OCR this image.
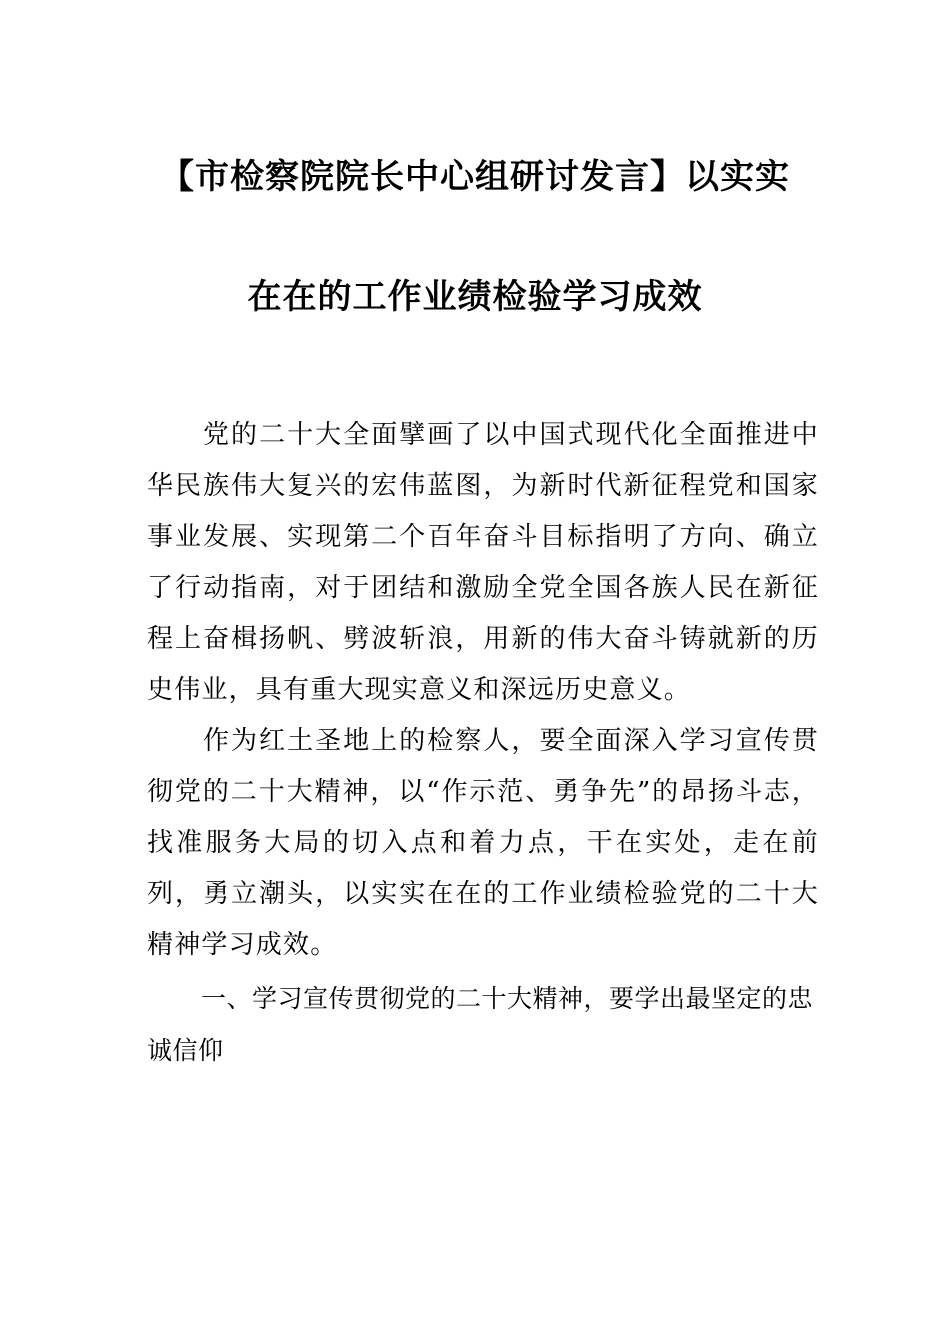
【市检察院院长中心组研讨发言】以实实
在在的工作业绩检验学习成效

党的二十大全面擘画了以中国式现代化全面推进中华民族伟大复兴的宏伟蓝图，为新时代新征程党和国家事业发展、实现第二个百年奋斗目标指明了方向、确立了行动指南，对于团结和激励全党全国各族人民在新征程上奋楫扬帆、劈波斩浪，用新的伟大奋斗铸就新的历史伟业，具有重大现实意义和深远历史意义。

作为红土圣地上的检察人，要全面深入学习宣传贯彻党的二十大精神，以“作示范、勇争先”的昂扬斗志，找准服务大局的切入点和着力点，干在实处，走在前列，勇立潮头，以实实在在的工作业绩检验党的二十大精神学习成效。

一、学习宣传贯彻党的二十大精神，要学出最坚定的忠诚信仰
